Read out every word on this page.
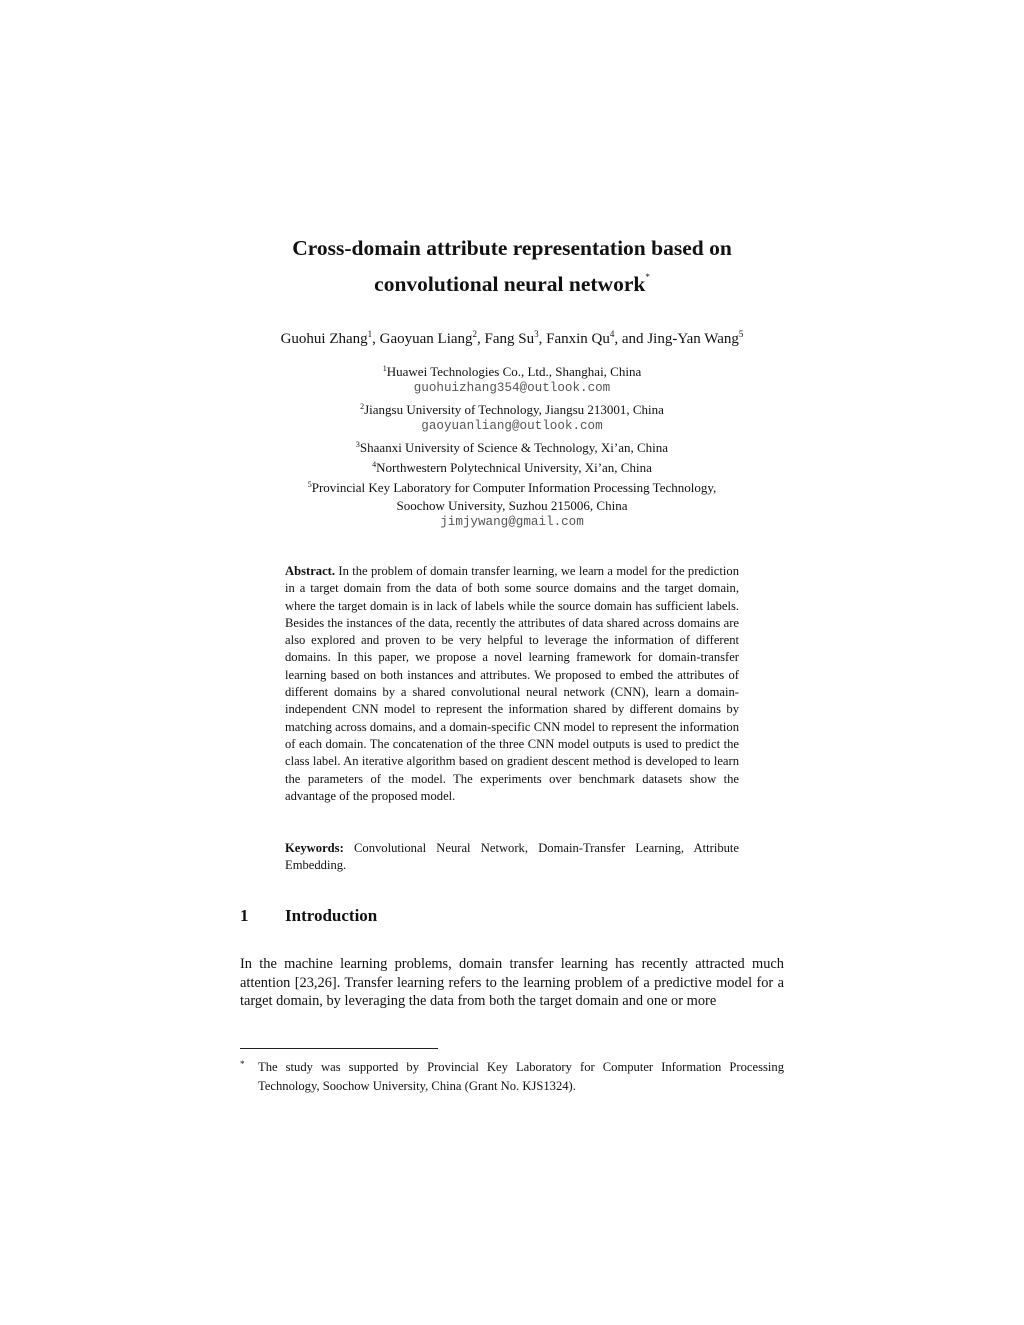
Cross-domain attribute representation based on
convolutional neural network*
Guohui Zhang$^1$, Gaoyuan Liang$^2$, Fang Su$^3$, Fanxin Qu$^4$, and Jing-Yan Wang$^5$
$^1$Huawei Technologies Co., Ltd., Shanghai, China
guohuizhang354@outlook.com
$^2$Jiangsu University of Technology, Jiangsu 213001, China
gaoyuanliang@outlook.com
$^3$Shaanxi University of Science & Technology, Xi’an, China
$^4$Northwestern Polytechnical University, Xi’an, China
$^5$Provincial Key Laboratory for Computer Information Processing Technology,
Soochow University, Suzhou 215006, China
jimjywang@gmail.com
Abstract. In the problem of domain transfer learning, we learn a model for the prediction in a target domain from the data of both some source domains and the target domain, where the target domain is in lack of labels while the source domain has sufficient labels. Besides the instances of the data, recently the attributes of data shared across domains are also explored and proven to be very helpful to leverage the information of different domains. In this paper, we propose a novel learning framework for domain-transfer learning based on both instances and attributes. We proposed to embed the attributes of different domains by a shared convolutional neural network (CNN), learn a domain-independent CNN model to represent the information shared by different domains by matching across domains, and a domain-specific CNN model to represent the information of each domain. The concatenation of the three CNN model outputs is used to predict the class label. An iterative algorithm based on gradient descent method is developed to learn the parameters of the model. The experiments over benchmark datasets show the advantage of the proposed model.
Keywords: Convolutional Neural Network, Domain-Transfer Learning, Attribute Embedding.
1 Introduction
In the machine learning problems, domain transfer learning has recently attracted much attention [23,26]. Transfer learning refers to the learning problem of a predictive model for a target domain, by leveraging the data from both the target domain and one or more
* The study was supported by Provincial Key Laboratory for Computer Information Processing Technology, Soochow University, China (Grant No. KJS1324).
